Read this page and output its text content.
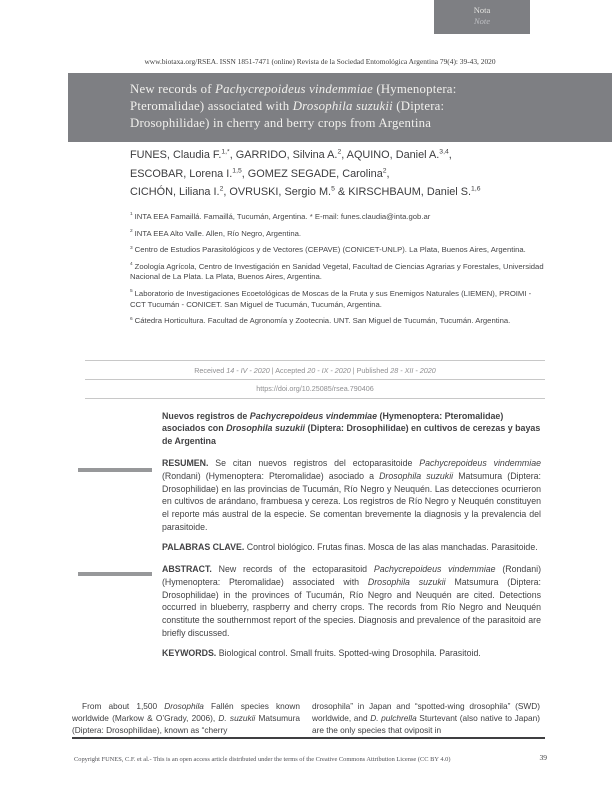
Nota
Note
www.biotaxa.org/RSEA. ISSN 1851-7471 (online) Revista de la Sociedad Entomológica Argentina 79(4): 39-43, 2020
New records of Pachycrepoideus vindemmiae (Hymenoptera:
Pteromalidae) associated with Drosophila suzukii (Diptera:
Drosophilidae) in cherry and berry crops from Argentina
FUNES, Claudia F.$^{1,*}$, GARRIDO, Silvina A.$^2$, AQUINO, Daniel A.$^{3,4}$,
ESCOBAR, Lorena I.$^{1,5}$, GOMEZ SEGADE, Carolina$^2$,
CICHÓN, Liliana I.$^2$, OVRUSKI, Sergio M.$^5$ & KIRSCHBAUM, Daniel S.$^{1,6}$

$^1$ INTA EEA Famaillá. Famaillá, Tucumán, Argentina. * E-mail: funes.claudia@inta.gob.ar

$^2$ INTA EEA Alto Valle. Allen, Río Negro, Argentina.

$^3$ Centro de Estudios Parasitológicos y de Vectores (CEPAVE) (CONICET-UNLP). La Plata, Buenos Aires, Argentina.

$^4$ Zoología Agrícola, Centro de Investigación en Sanidad Vegetal, Facultad de Ciencias Agrarias y Forestales, Universidad Nacional de La Plata. La Plata, Buenos Aires, Argentina.

$^5$ Laboratorio de Investigaciones Ecoetológicas de Moscas de la Fruta y sus Enemigos Naturales (LIEMEN), PROIMI - CCT Tucumán - CONICET. San Miguel de Tucumán, Tucumán, Argentina.

$^6$ Cátedra Horticultura. Facultad de Agronomía y Zootecnia. UNT. San Miguel de Tucumán, Tucumán. Argentina.

Received 14 - IV - 2020 | Accepted 20 - IX - 2020 | Published 28 - XII - 2020
https://doi.org/10.25085/rsea.790406

Nuevos registros de Pachycrepoideus vindemmiae (Hymenoptera: Pteromalidae) asociados con Drosophila suzukii (Diptera: Drosophilidae) en cultivos de cerezas y bayas de Argentina

RESUMEN. Se citan nuevos registros del ectoparasitoide Pachycrepoideus vindemmiae (Rondani) (Hymenoptera: Pteromalidae) asociado a Drosophila suzukii Matsumura (Diptera: Drosophilidae) en las provincias de Tucumán, Río Negro y Neuquén. Las detecciones ocurrieron en cultivos de arándano, frambuesa y cereza. Los registros de Río Negro y Neuquén constituyen el reporte más austral de la especie. Se comentan brevemente la diagnosis y la prevalencia del parasitoide.

PALABRAS CLAVE. Control biológico. Frutas finas. Mosca de las alas manchadas. Parasitoide.

ABSTRACT. New records of the ectoparasitoid Pachycrepoideus vindemmiae (Rondani) (Hymenoptera: Pteromalidae) associated with Drosophila suzukii Matsumura (Diptera: Drosophilidae) in the provinces of Tucumán, Río Negro and Neuquén are cited. Detections occurred in blueberry, raspberry and cherry crops. The records from Río Negro and Neuquén constitute the southernmost report of the species. Diagnosis and prevalence of the parasitoid are briefly discussed.

KEYWORDS. Biological control. Small fruits. Spotted-wing Drosophila. Parasitoid.

From about 1,500 Drosophila Fallén species known worldwide (Markow & O’Grady, 2006), D. suzukii Matsumura (Diptera: Drosophilidae), known as “cherry
drosophila” in Japan and “spotted-wing drosophila” (SWD) worldwide, and D. pulchrella Sturtevant (also native to Japan) are the only species that oviposit in
Copyright FUNES, C.F. et al.- This is an open access article distributed under the terms of the Creative Commons Attribution License (CC BY 4.0)	39
